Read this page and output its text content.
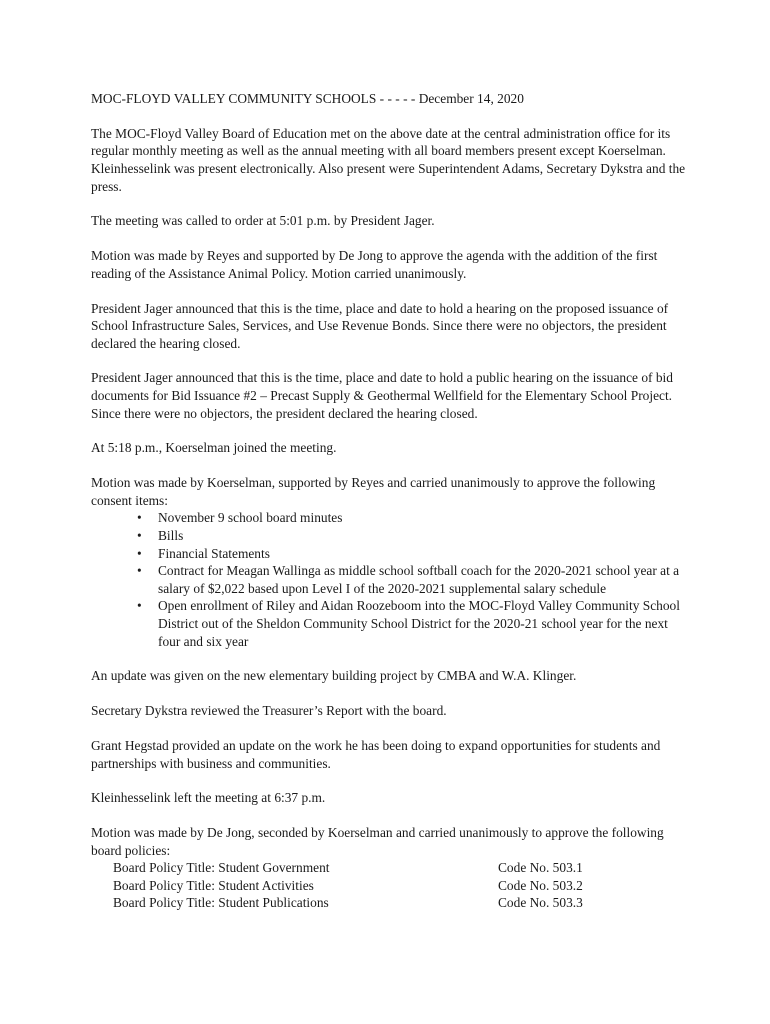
MOC-FLOYD VALLEY COMMUNITY SCHOOLS - - - - - December 14, 2020

The MOC-Floyd Valley Board of Education met on the above date at the central administration office for its regular monthly meeting as well as the annual meeting with all board members present except Koerselman. Kleinhesselink was present electronically. Also present were Superintendent Adams, Secretary Dykstra and the press.

The meeting was called to order at 5:01 p.m. by President Jager.

Motion was made by Reyes and supported by De Jong to approve the agenda with the addition of the first reading of the Assistance Animal Policy. Motion carried unanimously.

President Jager announced that this is the time, place and date to hold a hearing on the proposed issuance of School Infrastructure Sales, Services, and Use Revenue Bonds. Since there were no objectors, the president declared the hearing closed.

President Jager announced that this is the time, place and date to hold a public hearing on the issuance of bid documents for Bid Issuance #2 – Precast Supply & Geothermal Wellfield for the Elementary School Project. Since there were no objectors, the president declared the hearing closed.

At 5:18 p.m., Koerselman joined the meeting.

Motion was made by Koerselman, supported by Reyes and carried unanimously to approve the following consent items:

• November 9 school board minutes
• Bills
• Financial Statements
• Contract for Meagan Wallinga as middle school softball coach for the 2020-2021 school year at a salary of $2,022 based upon Level I of the 2020-2021 supplemental salary schedule
• Open enrollment of Riley and Aidan Roozeboom into the MOC-Floyd Valley Community School District out of the Sheldon Community School District for the 2020-21 school year for the next four and six year

An update was given on the new elementary building project by CMBA and W.A. Klinger.

Secretary Dykstra reviewed the Treasurer’s Report with the board.

Grant Hegstad provided an update on the work he has been doing to expand opportunities for students and partnerships with business and communities.

Kleinhesselink left the meeting at 6:37 p.m.

Motion was made by De Jong, seconded by Koerselman and carried unanimously to approve the following board policies:

Board Policy Title: Student Government	Code No. 503.1
Board Policy Title: Student Activities	Code No. 503.2
Board Policy Title: Student Publications	Code No. 503.3
